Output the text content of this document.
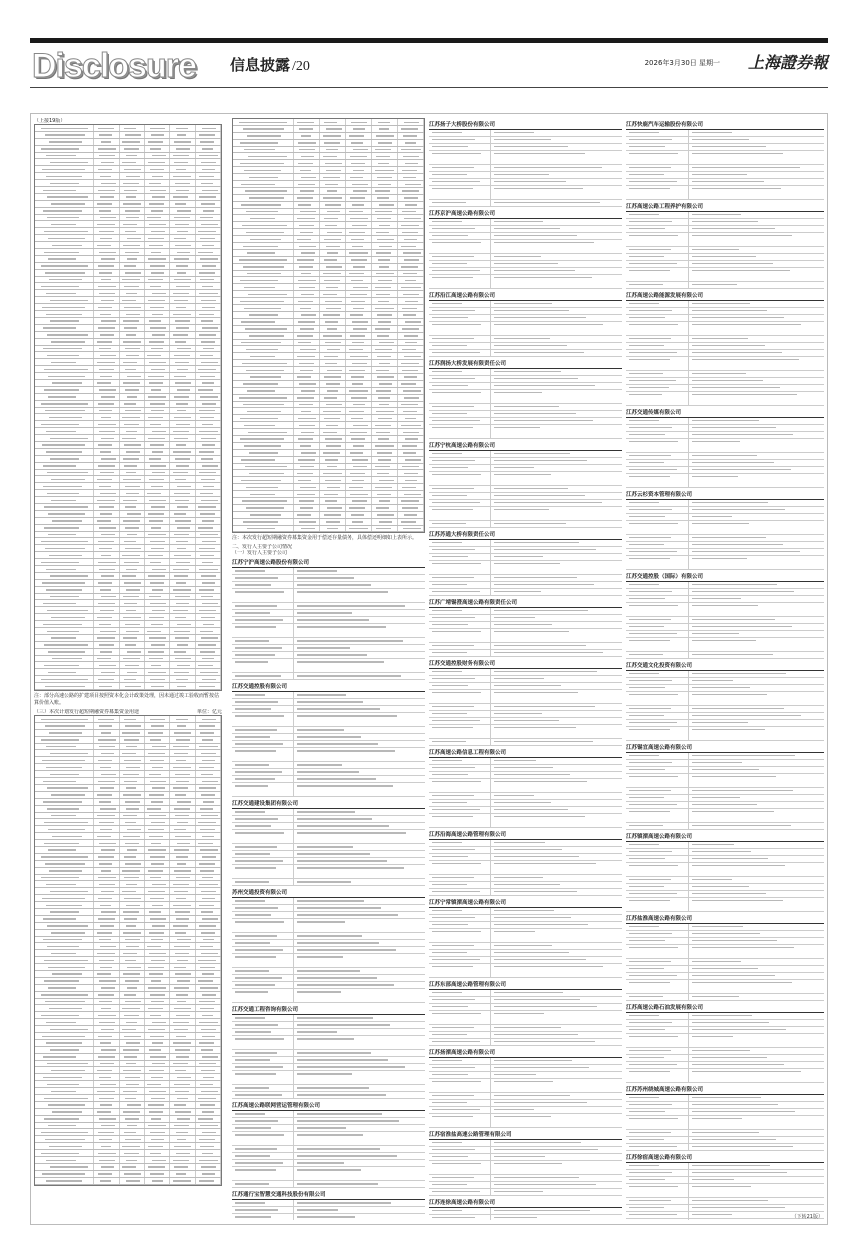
Disclosure 信息披露 /20	2026年3月30日 星期一 上海證券報
（上接19版）
注：部分高速公路的扩建项目按照资本化会计政策处理，因未通过竣工验收而暂按估算价值入账。
（三）本次计划发行超短期融资券募集资金用途	单位：亿元
注：本次发行超短期融资券募集资金用于偿还存量债务，具体偿还明细如上表所示。
二、发行人主要子公司情况
（一）发行人主要子公司
江苏宁沪高速公路股份有限公司
江苏交通控股有限公司
江苏交通建设集团有限公司
苏州交通投资有限公司
江苏交通工程咨询有限公司
江苏高速公路联网营运管理有限公司
江苏通行宝智慧交通科技股份有限公司
江苏扬子大桥股份有限公司
江苏京沪高速公路有限公司
江苏沿江高速公路有限公司
江苏润扬大桥发展有限责任公司
江苏宁杭高速公路有限公司
江苏苏通大桥有限责任公司
江苏广靖锡澄高速公路有限责任公司
江苏交通控股财务有限公司
江苏高速公路信息工程有限公司
江苏沿海高速公路管理有限公司
江苏宁常镇溧高速公路有限公司
江苏东部高速公路管理有限公司
江苏扬溧高速公路有限公司
江苏宿淮盐高速公路管理有限公司
江苏连徐高速公路有限公司
江苏快鹿汽车运输股份有限公司
江苏高速公路工程养护有限公司
江苏高速公路能源发展有限公司
江苏交通传媒有限公司
江苏云杉资本管理有限公司
江苏交通控股（国际）有限公司
江苏交通文化投资有限公司
江苏锡宜高速公路有限公司
江苏镇溧高速公路有限公司
江苏盐淮高速公路有限公司
江苏高速公路石油发展有限公司
江苏苏州绕城高速公路有限公司
江苏徐宿高速公路有限公司
（下转21版）
